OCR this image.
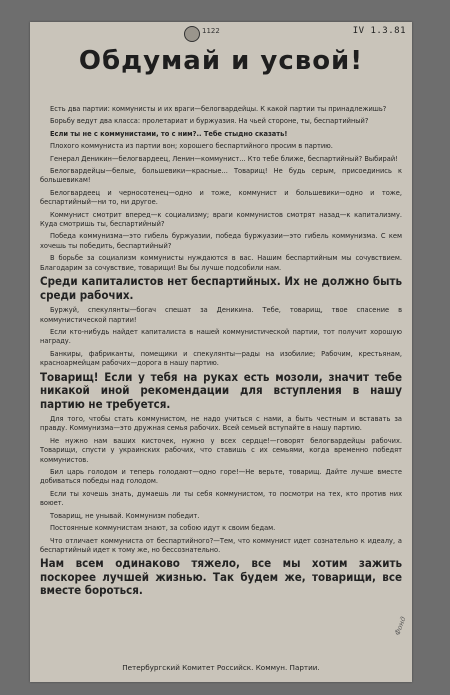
IV 1.3.81
1122
Обдумай и усвой!

Есть два партии: коммунисты и их враги—белогвардейцы. К какой партии ты принадлежишь?

Борьбу ведут два класса: пролетариат и буржуазия. На чьей стороне, ты, беспартийный?

Если ты не с коммунистами, то с ним?.. Тебе стыдно сказать!

Плохого коммуниста из партии вон; хорошего беспартийного просим в партию.

Генерал Деникин—белогвардеец, Ленин—коммунист... Кто тебе ближе, беспартийный? Выбирай!

Белогвардейцы—белые, большевики—красные... Товарищ! Не будь серым, присоединись к большевикам!

Белогвардеец и черносотенец—одно и тоже, коммунист и большевики—одно и тоже, беспартийный—ни то, ни другое.

Коммунист смотрит вперед—к социализму; враги коммунистов смотрят назад—к капитализму. Куда смотришь ты, беспартийный?

Победа коммунизма—это гибель буржуазии, победа буржуазии—это гибель коммунизма. С кем хочешь ты победить, беспартийный?

В борьбе за социализм коммунисты нуждаются в вас. Нашим беспартийным мы сочувствием. Благодарим за сочувствие, товарищи! Вы бы лучше подсобили нам.

Среди капиталистов нет беспартийных. Их не должно быть среди рабочих.

Буржуй, спекулянты—богач спешат за Деникина. Тебе, товарищ, твое спасение в коммунистической партии!

Если кто-нибудь найдет капиталиста в нашей коммунистической партии, тот получит хорошую награду.

Банкиры, фабриканты, помещики и спекулянты—рады на изобилие; Рабочим, крестьянам, красноармейцам рабочих—дорога в нашу партию.

Товарищ! Если у тебя на руках есть мозоли, значит тебе никакой иной рекомендации для вступления в нашу партию не требуется.

Для того, чтобы стать коммунистом, не надо учиться с нами, а быть честным и вставать за правду. Коммунизма—это дружная семья рабочих. Всей семьей вступайте в нашу партию.

Не нужно нам ваших кисточек, нужно у всех сердце!—говорят белогвардейцы рабочих. Товарищи, спусти у украинских рабочих, что ставишь с их семьями, когда временно победят коммунистов.

Бил царь голодом и теперь голодают—одно горе!—Не верьте, товарищ. Дайте лучше вместе добиваться победы над голодом.

Если ты хочешь знать, думаешь ли ты себя коммунистом, то посмотри на тех, кто против них воюет.

Товарищ, не унывай. Коммунизм победит.

Постоянные коммунистам знают, за собою идут к своим бедам.

Что отличает коммуниста от беспартийного?—Тем, что коммунист идет сознательно к идеалу, а беспартийный идет к тому же, но бессознательно.

Нам всем одинаково тяжело, все мы хотим зажить поскорее лучшей жизнью. Так будем же, товарищи, все вместе бороться.

Фонд
Петербургский Комитет Российск. Коммун. Партии.
